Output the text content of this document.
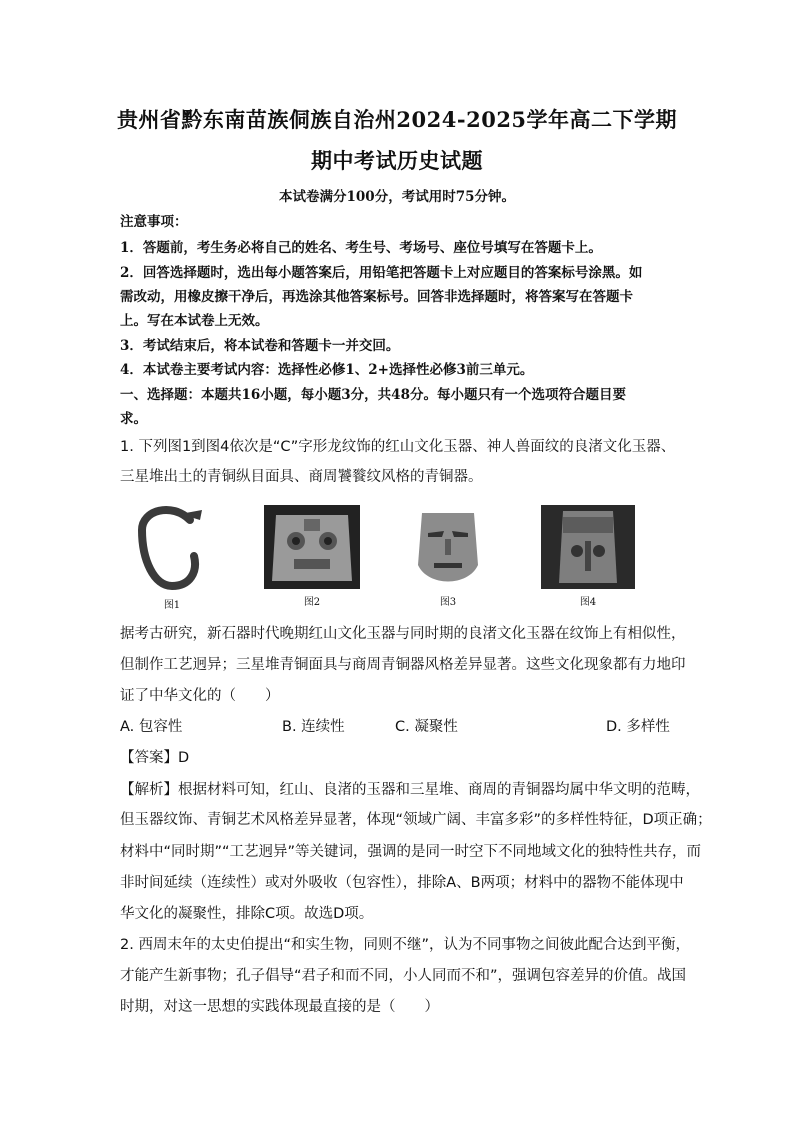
贵州省黔东南苗族侗族自治州2024-2025学年高二下学期
期中考试历史试题

本试卷满分100分，考试用时75分钟。

注意事项：

1．答题前，考生务必将自己的姓名、考生号、考场号、座位号填写在答题卡上。

2．回答选择题时，选出每小题答案后，用铅笔把答题卡上对应题目的答案标号涂黑。如

需改动，用橡皮擦干净后，再选涂其他答案标号。回答非选择题时，将答案写在答题卡

上。写在本试卷上无效。

3．考试结束后，将本试卷和答题卡一并交回。

4．本试卷主要考试内容：选择性必修1、2+选择性必修3前三单元。

一、选择题：本题共16小题，每小题3分，共48分。每小题只有一个选项符合题目要

求。

1. 下列图1到图4依次是“C”字形龙纹饰的红山文化玉器、神人兽面纹的良渚文化玉器、

三星堆出土的青铜纵目面具、商周饕餮纹风格的青铜器。

图1	图2	图3	图4

据考古研究，新石器时代晚期红山文化玉器与同时期的良渚文化玉器在纹饰上有相似性，

但制作工艺迥异；三星堆青铜面具与商周青铜器风格差异显著。这些文化现象都有力地印

证了中华文化的（　　）

A. 包容性	B. 连续性	C. 凝聚性	D. 多样性

【答案】D

【解析】根据材料可知，红山、良渚的玉器和三星堆、商周的青铜器均属中华文明的范畴，

但玉器纹饰、青铜艺术风格差异显著，体现“领域广阔、丰富多彩”的多样性特征，D项正确；

材料中“同时期”“工艺迥异”等关键词，强调的是同一时空下不同地域文化的独特性共存，而

非时间延续（连续性）或对外吸收（包容性），排除A、B两项；材料中的器物不能体现中

华文化的凝聚性，排除C项。故选D项。

2. 西周末年的太史伯提出“和实生物，同则不继”，认为不同事物之间彼此配合达到平衡，

才能产生新事物；孔子倡导“君子和而不同，小人同而不和”，强调包容差异的价值。战国

时期，对这一思想的实践体现最直接的是（　　）
